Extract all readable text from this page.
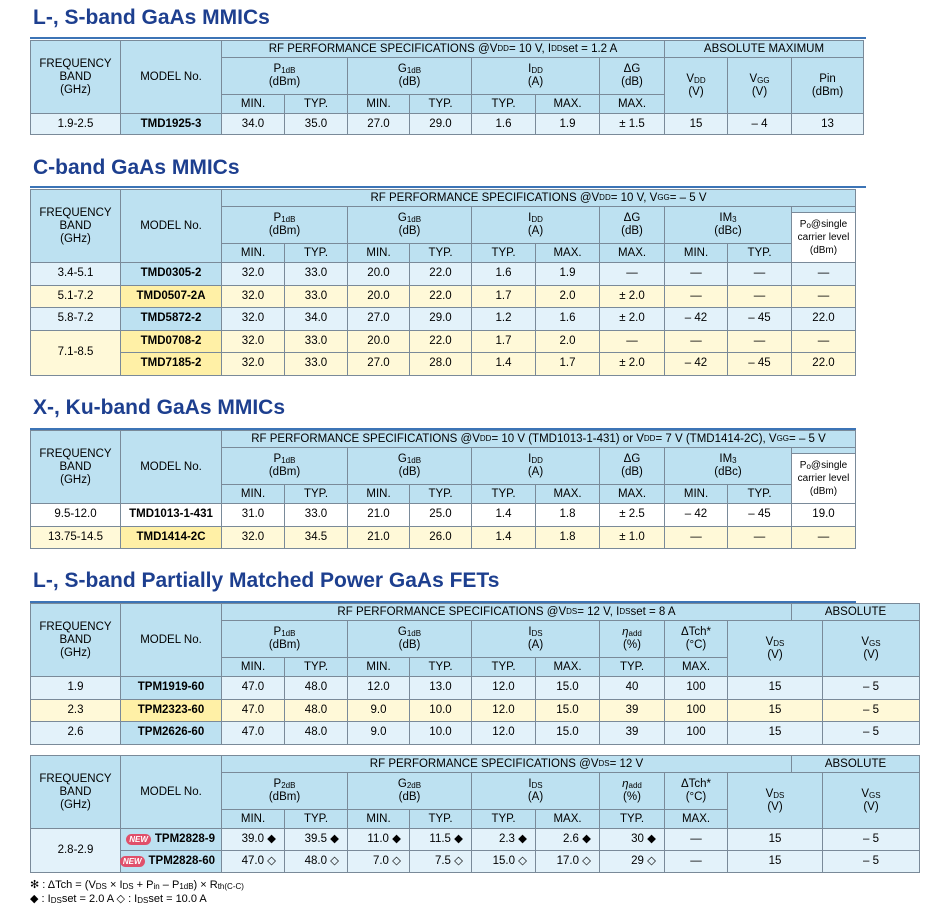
L-, S-band GaAs MMICs
C-band GaAs MMICs
X-, Ku-band GaAs MMICs
L-, S-band Partially Matched Power GaAs FETs
FREQUENCY
BAND
(GHz)
MODEL No.
RF PERFORMANCE SPECIFICATIONS @V DD = 10 V, I DD set = 1.2 A	ABSOLUTE MAXIMUM
$P_{1dB}$
(dBm)
$G_{1dB}$
(dB)
$I_{DD}$
(A)
ΔG
(dB)	$V_{DD}$
(V)
$V_{GG}$
(V)
Pin
(dBm)
MIN.	TYP.	MIN.	TYP.	TYP.	MAX.	MAX.
1.9-2.5	TMD1925-3	34.0	35.0	27.0	29.0	1.6	1.9	± 1.5	15	– 4	13
FREQUENCY
BAND
(GHz)
MODEL No.
RF PERFORMANCE SPECIFICATIONS @V DD = 10 V, V GG = – 5 V
$P_{1dB}$
(dBm)
$G_{1dB}$
(dB)
$I_{DD}$
(A)
ΔG
(dB)
$IM_3$
(dBc)
$P_o@single$
carrier level
(dBm)
MIN.	TYP.	MIN.	TYP.	TYP.	MAX.	MAX.	MIN.	TYP.
3.4-5.1	TMD0305-2	32.0	33.0	20.0	22.0	1.6	1.9	—	—	—	—
5.1-7.2	TMD0507-2A	32.0	33.0	20.0	22.0	1.7	2.0	± 2.0	—	—	—
5.8-7.2	TMD5872-2	32.0	34.0	27.0	29.0	1.2	1.6	± 2.0	– 42	– 45	22.0
7.1-8.5
TMD0708-2	32.0	33.0	20.0	22.0	1.7	2.0	—	—	—	—
TMD7185-2	32.0	33.0	27.0	28.0	1.4	1.7	± 2.0	– 42	– 45	22.0
FREQUENCY
BAND
(GHz)
MODEL No.
RF PERFORMANCE SPECIFICATIONS @V DD = 10 V (TMD1013-1-431) or V DD = 7 V (TMD1414-2C), V GG = – 5 V
$P_{1dB}$
(dBm)
$G_{1dB}$
(dB)
$I_{DD}$
(A)
ΔG
(dB)
$IM_3$
(dBc)
$P_o@single$
carrier level
(dBm)
MIN.	TYP.	MIN.	TYP.	TYP.	MAX.	MAX.	MIN.	TYP.
9.5-12.0	TMD1013-1-431	31.0	33.0	21.0	25.0	1.4	1.8	± 2.5	– 42	– 45	19.0
13.75-14.5	TMD1414-2C	32.0	34.5	21.0	26.0	1.4	1.8	± 1.0	—	—	—
FREQUENCY
BAND
(GHz)
MODEL No.
RF PERFORMANCE SPECIFICATIONS @V DS = 12 V, I DS set = 8 A	ABSOLUTE
$P_{1dB}$
(dBm)
$G_{1dB}$
(dB)
$I_{DS}$
(A)
$\eta_{add}$
(%)
ΔTch*
(°C)	$V_{DS}$
(V)
$V_{GS}$
(V)
MIN.	TYP.	MIN.	TYP.	TYP.	MAX.	TYP.	MAX.
1.9	TPM1919-60	47.0	48.0	12.0	13.0	12.0	15.0	40	100	15	– 5
2.3	TPM2323-60	47.0	48.0	9.0	10.0	12.0	15.0	39	100	15	– 5
2.6	TPM2626-60	47.0	48.0	9.0	10.0	12.0	15.0	39	100	15	– 5
FREQUENCY
BAND
(GHz)
MODEL No.
RF PERFORMANCE SPECIFICATIONS @V DS = 12 V	ABSOLUTE
$P_{2dB}$
(dBm)
$G_{2dB}$
(dB)
$I_{DS}$
(A)
$\eta_{add}$
(%)
ΔTch*
(°C)	$V_{DS}$
(V)
$V_{GS}$
(V)
MIN.	TYP.	MIN.	TYP.	TYP.	MAX.	TYP.	MAX.
2.8-2.9
NEW TPM2828-9	39.0 ◆	39.5 ◆	11.0 ◆	11.5 ◆	2.3 ◆	2.6 ◆	30 ◆	—	15	– 5
NEW TPM2828-60	47.0 ◇	48.0 ◇	7.0 ◇	7.5 ◇	15.0 ◇	17.0 ◇	29 ◇	—	15	– 5
✻ : $\Delta Tch = (V_{DS} \times I_{DS} + P_{in} - P_{1dB}) \times R_{th(C-C)}$
◆ : $I_{DS}set = 2.0$ A ◇ : $I_{DS}set = 10.0$ A
